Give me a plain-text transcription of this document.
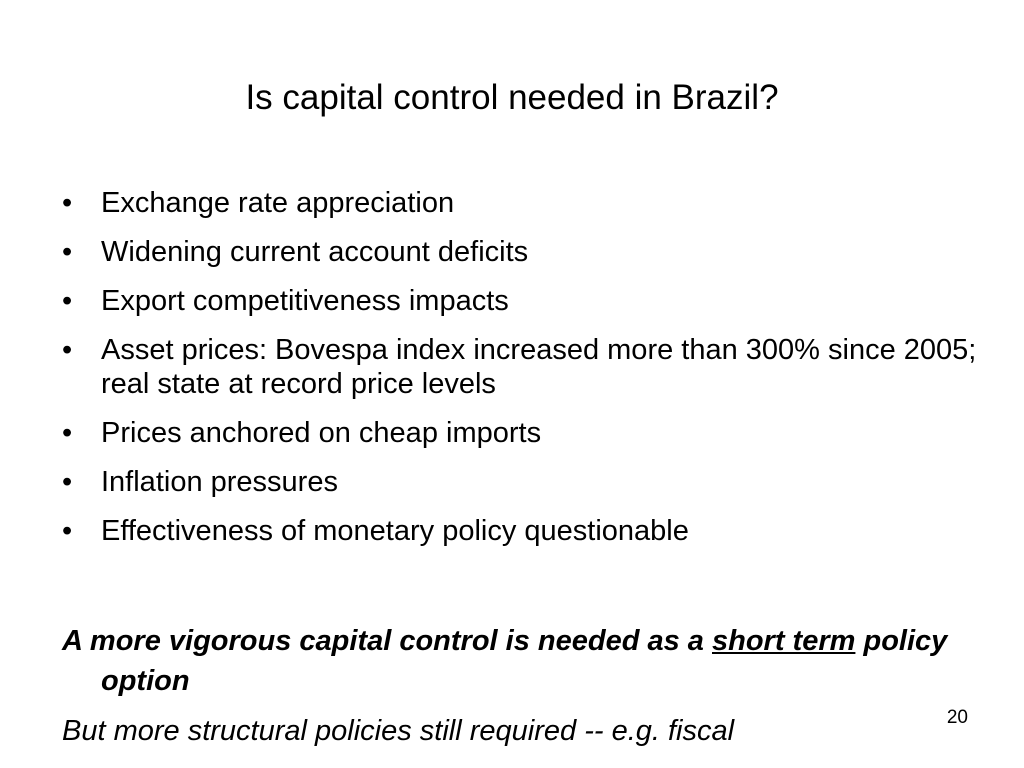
Is capital control needed in Brazil?
• Exchange rate appreciation
• Widening current account deficits
• Export competitiveness impacts
• Asset prices: Bovespa index increased more than 300% since 2005; real state at record price levels
• Prices anchored on cheap imports
• Inflation pressures
• Effectiveness of monetary policy questionable

A more vigorous capital control is needed as a short term policy option

But more structural policies still required -- e.g. fiscal	20
